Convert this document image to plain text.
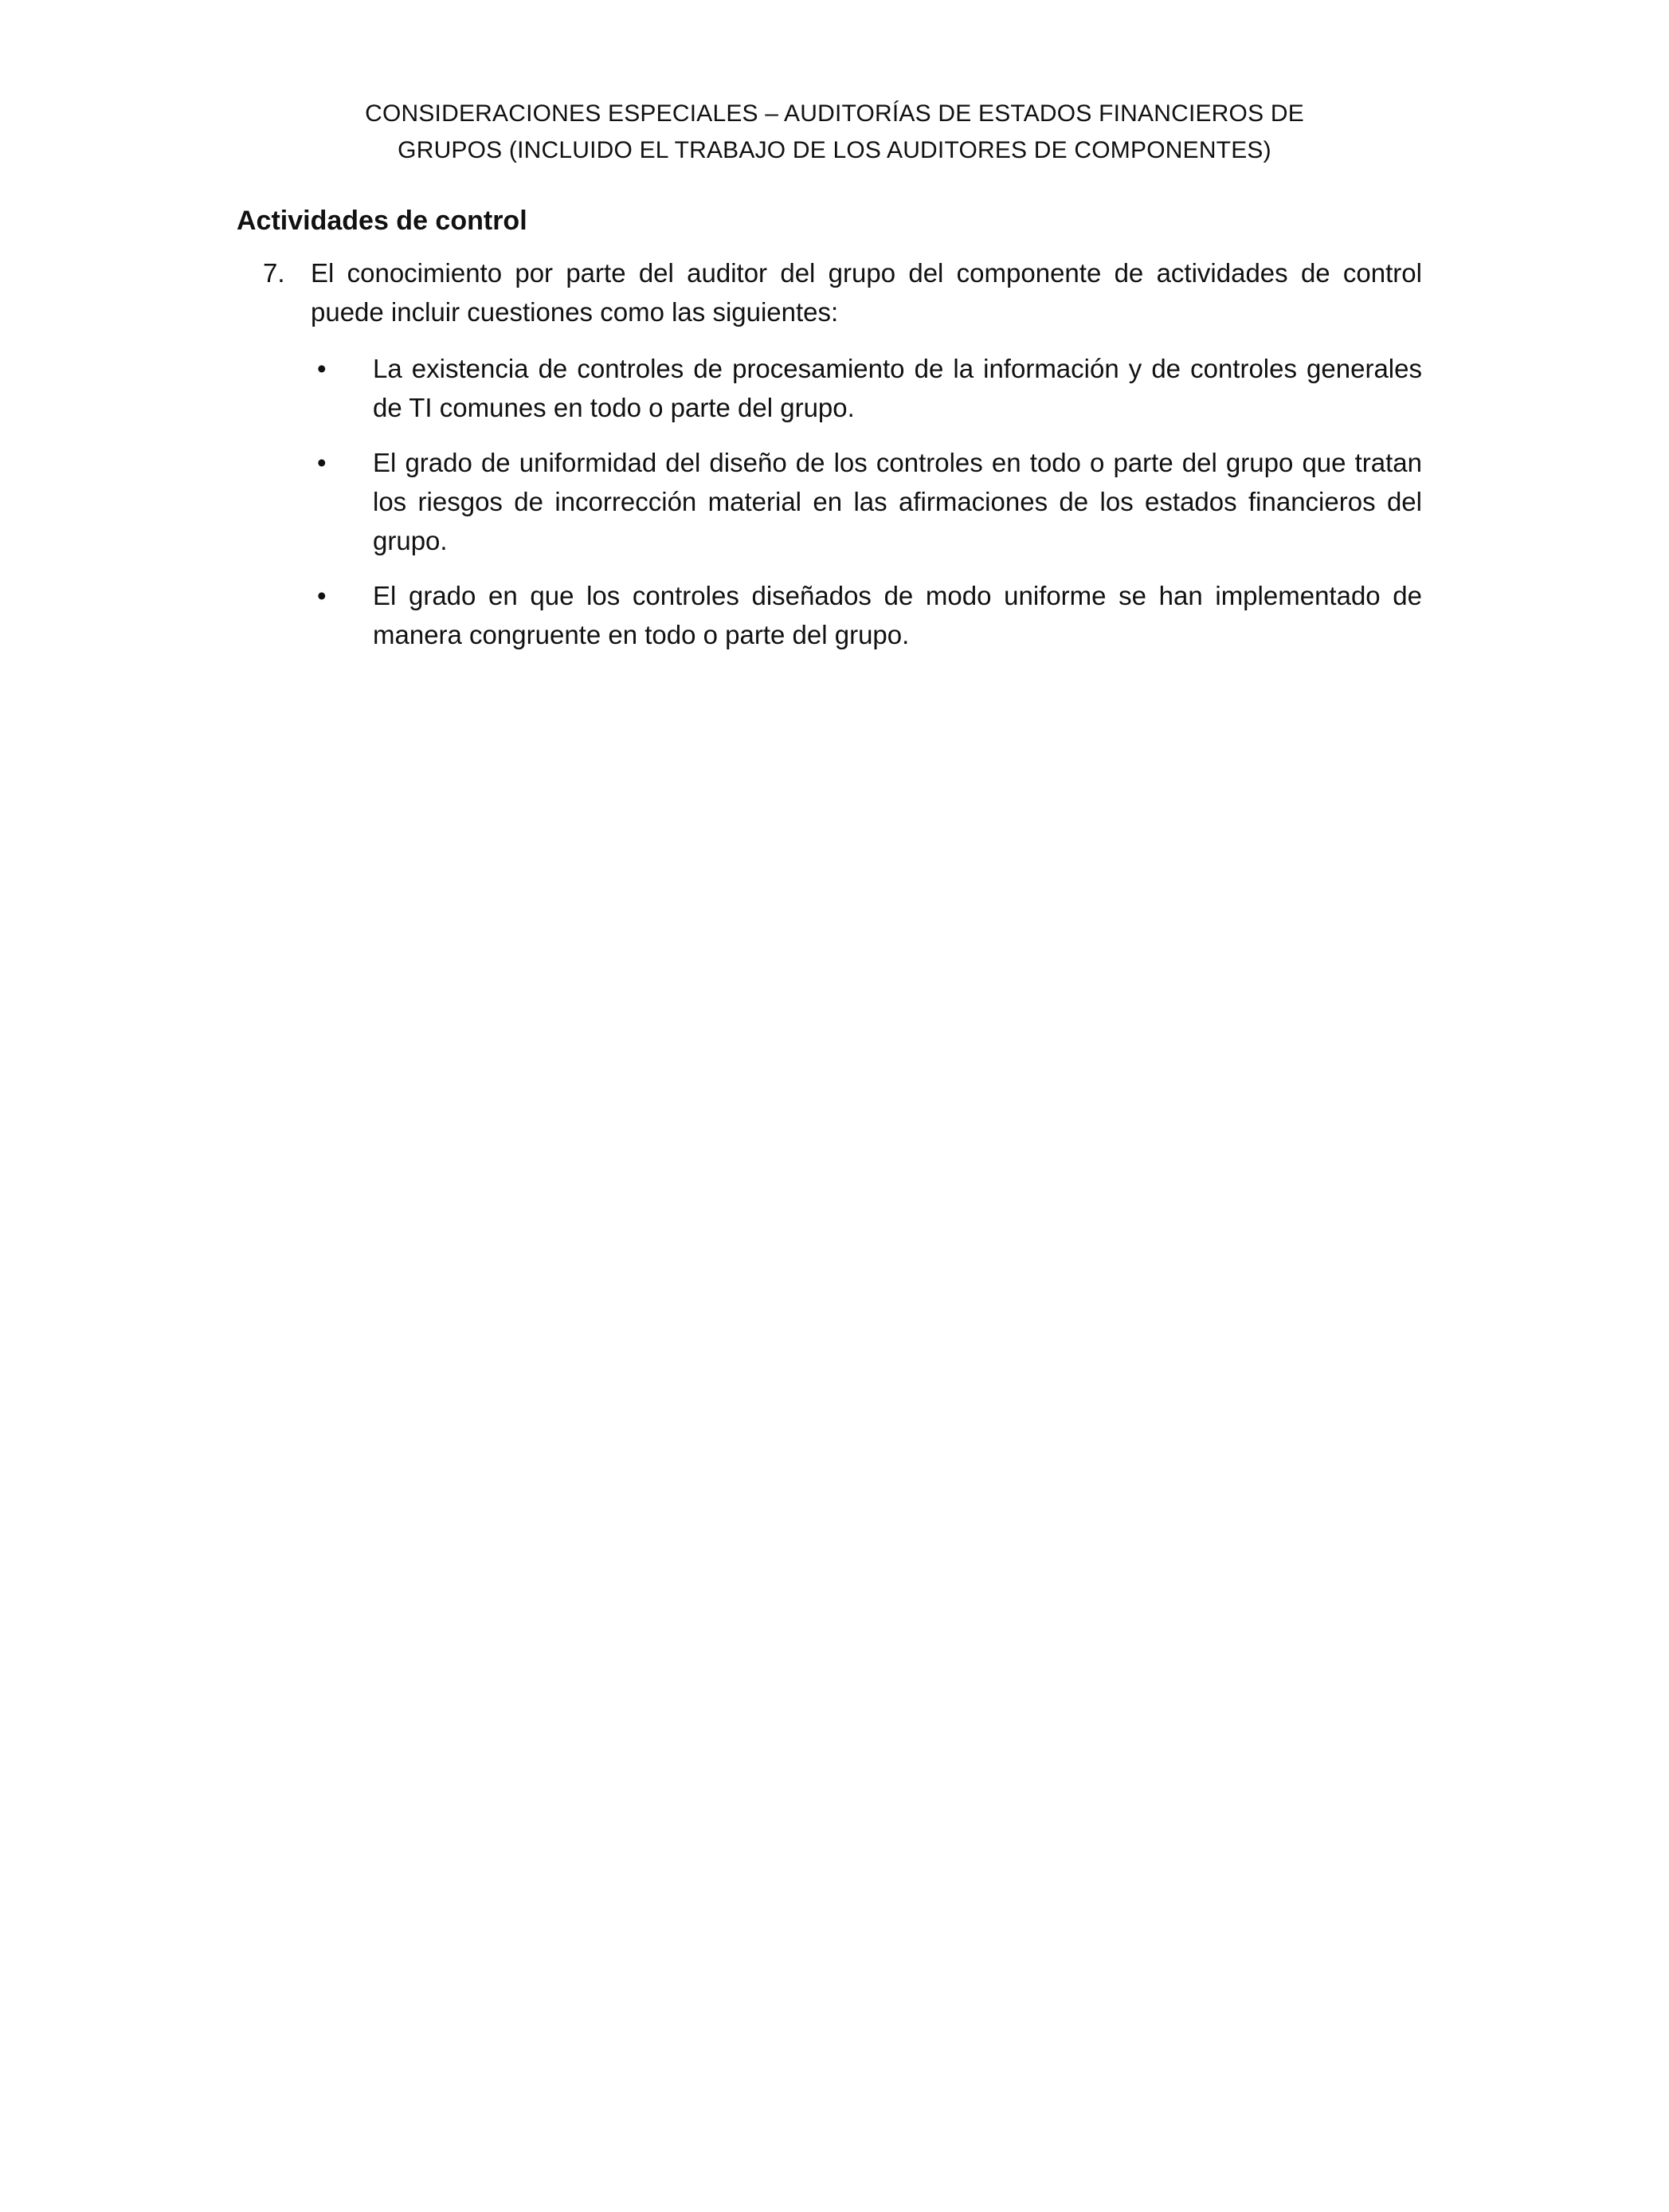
CONSIDERACIONES ESPECIALES – AUDITORÍAS DE ESTADOS FINANCIEROS DE
GRUPOS (INCLUIDO EL TRABAJO DE LOS AUDITORES DE COMPONENTES)
Actividades de control
7. El conocimiento por parte del auditor del grupo del componente de actividades de control puede incluir cuestiones como las siguientes:
• La existencia de controles de procesamiento de la información y de controles generales de TI comunes en todo o parte del grupo.
• El grado de uniformidad del diseño de los controles en todo o parte del grupo que tratan los riesgos de incorrección material en las afirmaciones de los estados financieros del grupo.
• El grado en que los controles diseñados de modo uniforme se han implementado de manera congruente en todo o parte del grupo.
